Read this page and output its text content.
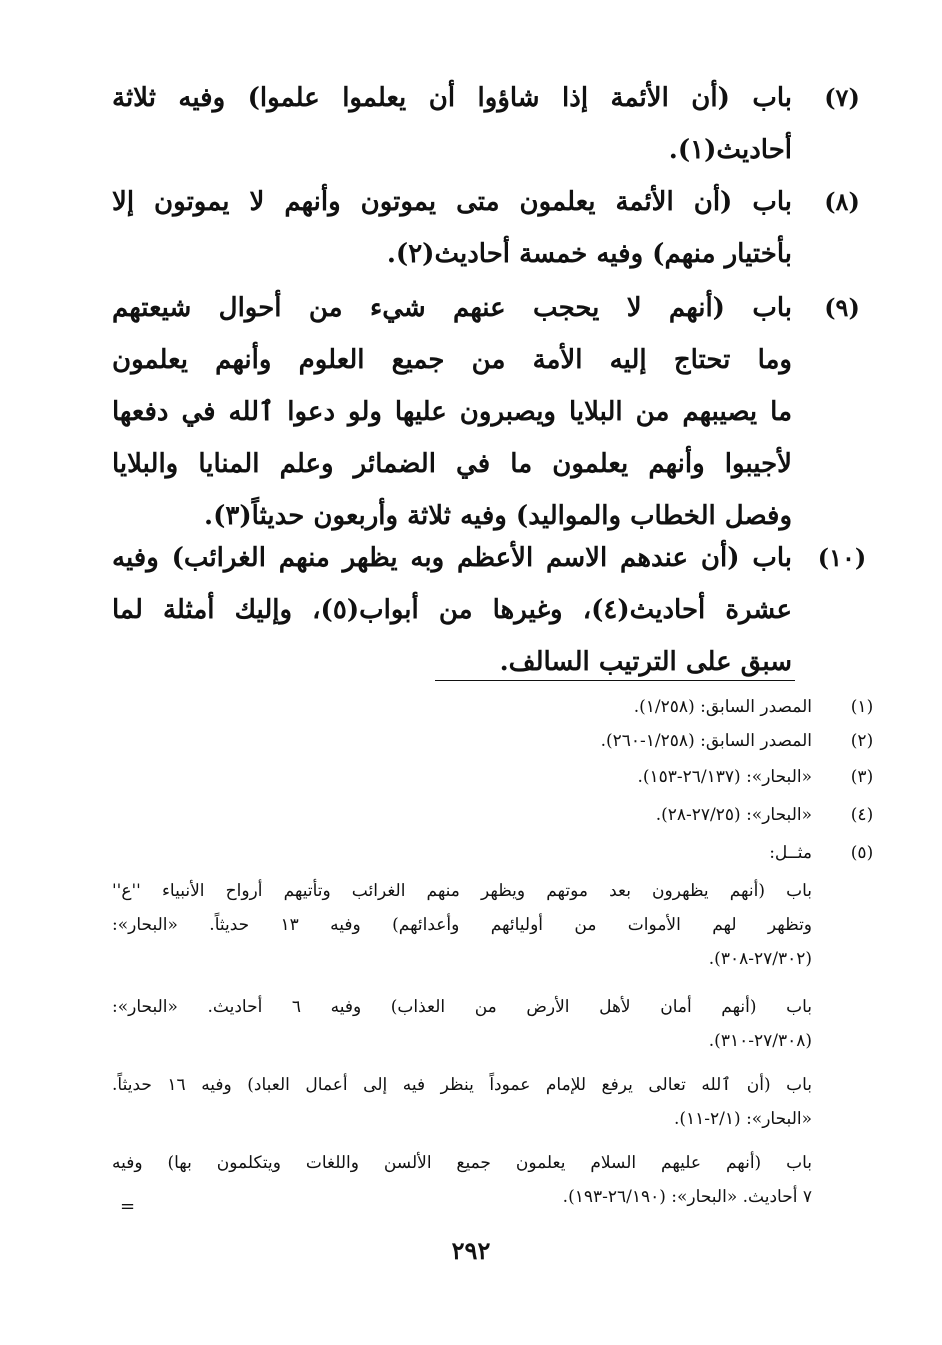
(٧)
باب (أن الأئمة إذا شاؤوا أن يعلموا علموا) وفيه ثلاثة
أحاديث(١).
(٨)
باب (أن الأئمة يعلمون متى يموتون وأنهم لا يموتون إلا
بأختيار منهم) وفيه خمسة أحاديث(٢).
(٩)
باب (أنهم لا يحجب عنهم شيء من أحوال شيعتهم
وما تحتاج إليه الأمة من جميع العلوم وأنهم يعلمون
ما يصيبهم من البلايا ويصبرون عليها ولو دعوا ٱلله في دفعها
لأجيبوا وأنهم يعلمون ما في الضمائر وعلم المنايا والبلايا
وفصل الخطاب والمواليد) وفيه ثلاثة وأربعون حديثاً(٣).
(١٠)
باب (أن عندهم الاسم الأعظم وبه يظهر منهم الغرائب) وفيه
عشرة أحاديث(٤)، وغيرها من أبواب(٥)، وإليك أمثلة لما
سبق على الترتيب السالف.
(١)
المصدر السابق: (١/٢٥٨).
(٢)
المصدر السابق: (١/٢٥٨-٢٦٠).
(٣)
«البحار»: (٢٦/١٣٧-١٥٣).
(٤)
«البحار»: (٢٧/٢٥-٢٨).
(٥)
مثــل:
باب (أنهم يظهرون بعد موتهم ويظهر منهم الغرائب وتأتيهم أرواح الأنبياء ''ع''
وتظهر لهم الأموات من أوليائهم وأعدائهم) وفيه ١٣ حديثاً. «البحار»:
(٢٧/٣٠٢-٣٠٨).
باب (أنهم أمان لأهل الأرض من العذاب) وفيه ٦ أحاديث. «البحار»:
(٢٧/٣٠٨-٣١٠).
باب (أن ٱلله تعالى يرفع للإمام عموداً ينظر فيه إلى أعمال العباد) وفيه ١٦ حديثاً.
«البحار»: (٢/١-١١).
باب (أنهم عليهم السلام يعلمون جميع الألسن واللغات ويتكلمون بها) وفيه
٧ أحاديث. «البحار»: (٢٦/١٩٠-١٩٣).
=
٢٩٢
